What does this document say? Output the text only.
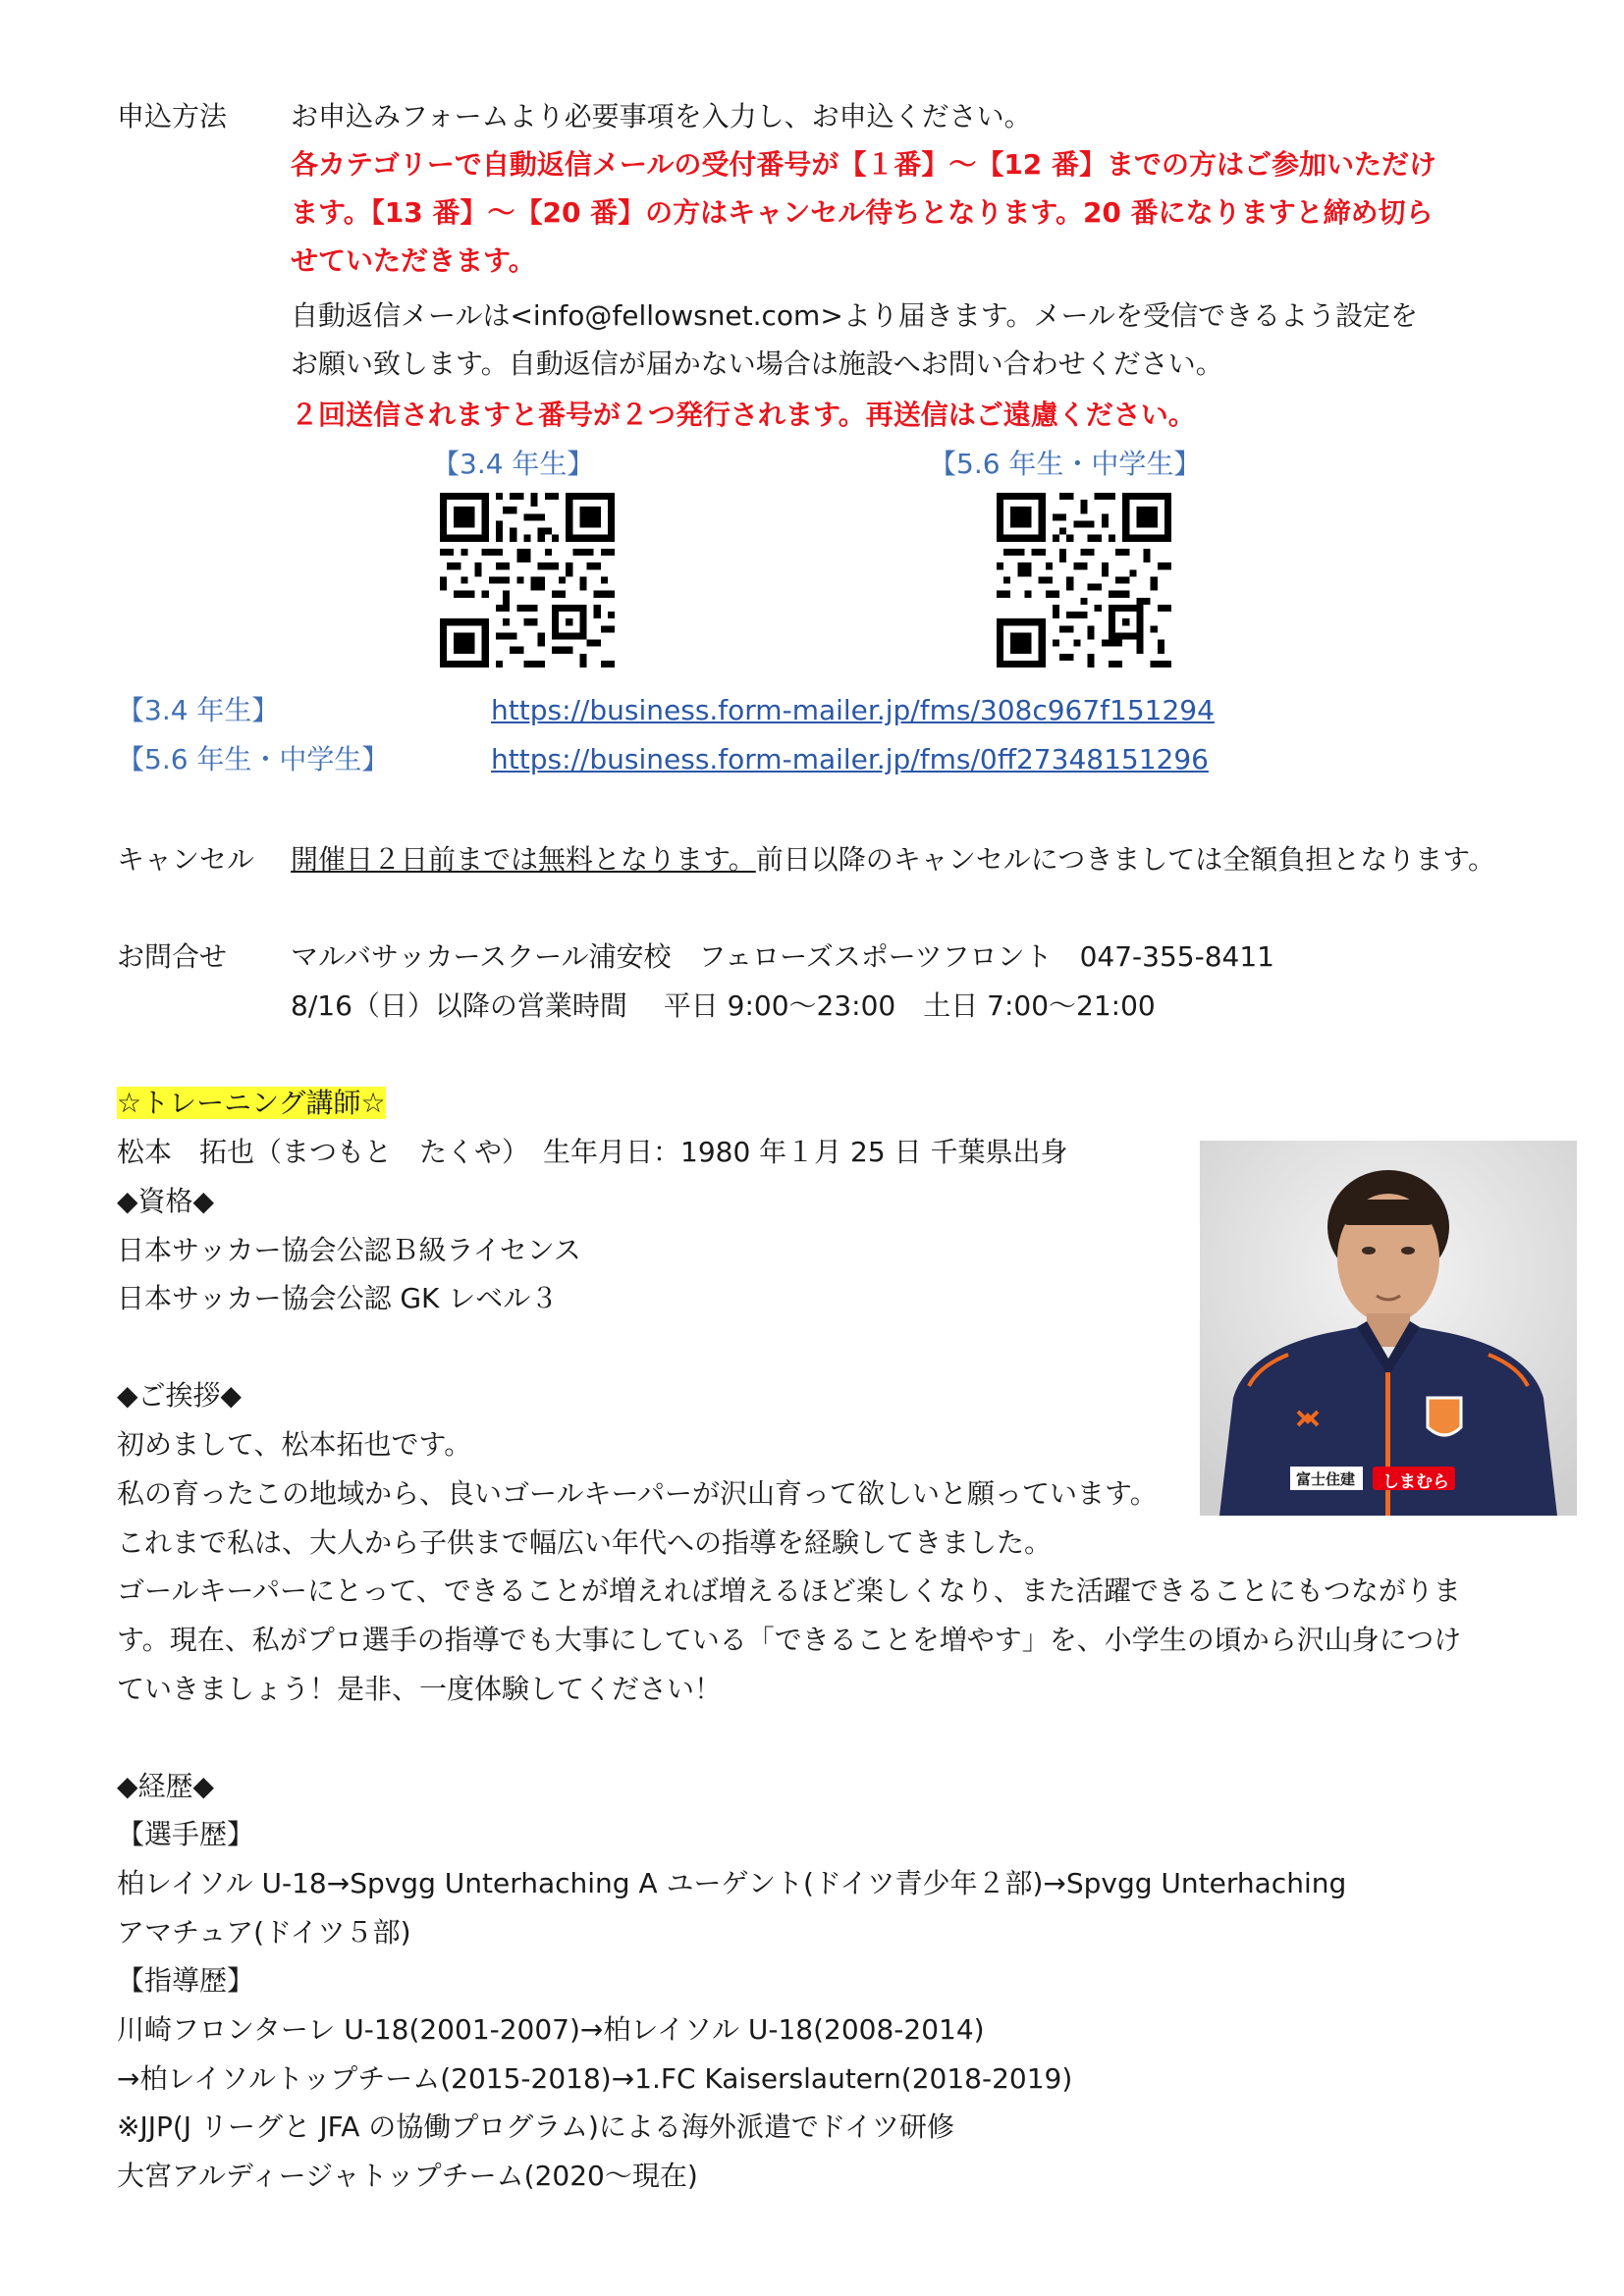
申込方法 お申込みフォームより必要事項を入力し、お申込ください。
各カテゴリーで自動返信メールの受付番号が【１番】～【12 番】までの方はご参加いただけ
ます。【13 番】～【20 番】の方はキャンセル待ちとなります。20 番になりますと締め切ら
せていただきます。
自動返信メールは<info@fellowsnet.com>より届きます。メールを受信できるよう設定を
お願い致します。自動返信が届かない場合は施設へお問い合わせください。
２回送信されますと番号が２つ発行されます。再送信はご遠慮ください。
【3.4 年生】	【5.6 年生・中学生】
【3.4 年生】	https://business.form-mailer.jp/fms/308c967f151294
【5.6 年生・中学生】	https://business.form-mailer.jp/fms/0ff27348151296
キャンセル 開催日２日前までは無料となります。前日以降のキャンセルにつきましては全額負担となります。
お問合せ マルバサッカースクール浦安校　フェローズスポーツフロント　047-355-8411
8/16（日）以降の営業時間　 平日 9:00～23:00　土日 7:00～21:00
☆トレーニング講師☆
松本　拓也（まつもと　たくや）　生年月日：1980 年１月 25 日 千葉県出身
◆資格◆
日本サッカー協会公認Ｂ級ライセンス
日本サッカー協会公認 GK レベル３
◆ご挨拶◆
初めまして、松本拓也です。
私の育ったこの地域から、良いゴールキーパーが沢山育って欲しいと願っています。
これまで私は、大人から子供まで幅広い年代への指導を経験してきました。
ゴールキーパーにとって、できることが増えれば増えるほど楽しくなり、また活躍できることにもつながりま
す。現在、私がプロ選手の指導でも大事にしている「できることを増やす」を、小学生の頃から沢山身につけ
ていきましょう！是非、一度体験してください！
◆経歴◆
【選手歴】
柏レイソル U-18→Spvgg Unterhaching A ユーゲント(ドイツ青少年２部)→Spvgg Unterhaching
アマチュア(ドイツ５部)
【指導歴】
川崎フロンターレ U-18(2001-2007)→柏レイソル U-18(2008-2014)
→柏レイソルトップチーム(2015-2018)→1.FC Kaiserslautern(2018-2019)
※JJP(J リーグと JFA の協働プログラム)による海外派遣でドイツ研修
大宮アルディージャトップチーム(2020～現在)
富士住建 しまむら
